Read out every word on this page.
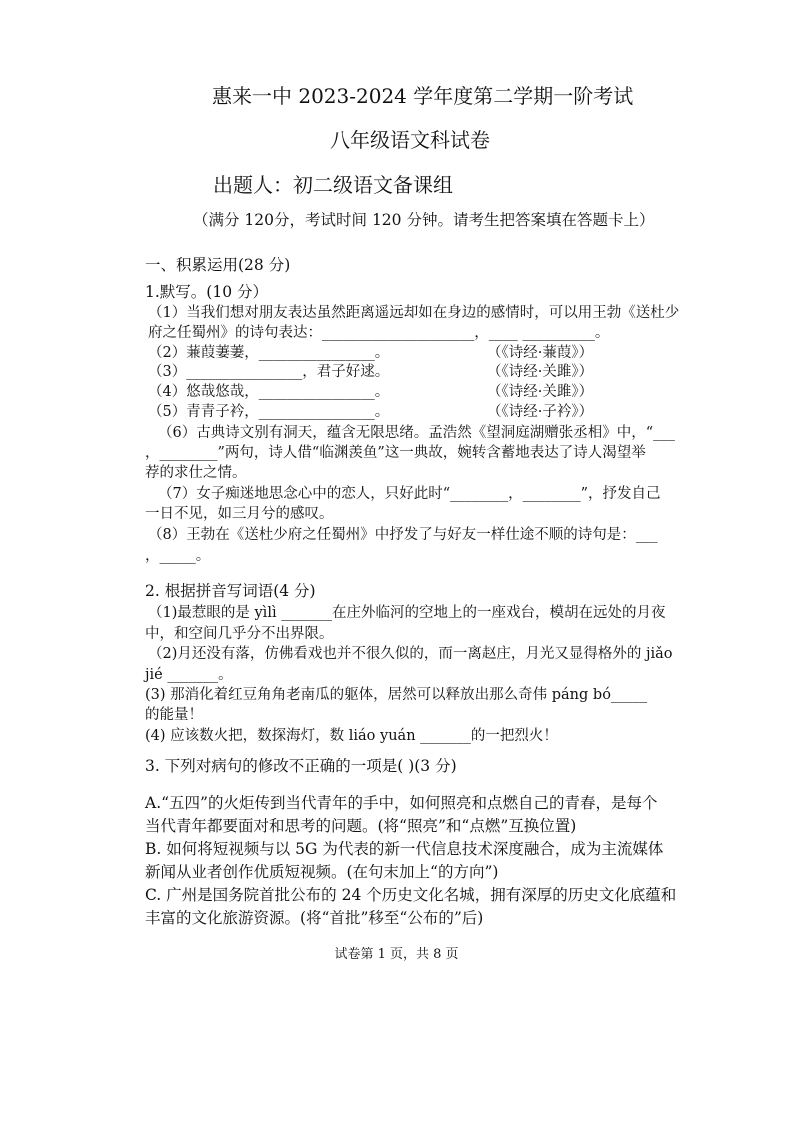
惠来一中 2023-2024 学年度第二学期一阶考试
八年级语文科试卷
出题人：初二级语文备课组
（满分 120分，考试时间 120 分钟。请考生把答案填在答题卡上）
一、积累运用(28 分)
1.默写。(10 分）
（1）当我们想对朋友表达虽然距离遥远却如在身边的感情时，可以用王勃《送杜少
府之任蜀州》的诗句表达：_____________________，____ __________。
（2）蒹葭萋萋，________________。	（《诗经·蒹葭》）
（3）________________，君子好逑。	（《诗经·关雎》）
（4）悠哉悠哉，________________。	（《诗经·关雎》）
（5）青青子衿，________________。	（《诗经·子衿》）
（6）古典诗文别有洞天，蕴含无限思绪。孟浩然《望洞庭湖赠张丞相》中，“___
，________”两句，诗人借“临渊羡鱼”这一典故，婉转含蓄地表达了诗人渴望举
荐的求仕之情。
（7）女子痴迷地思念心中的恋人，只好此时“________，________”，抒发自己
一日不见，如三月兮的感叹。
（8）王勃在《送杜少府之任蜀州》中抒发了与好友一样仕途不顺的诗句是：___
，_____。
2. 根据拼音写词语(4 分)
（1)最惹眼的是 yìlì _______在庄外临河的空地上的一座戏台，模胡在远处的月夜
中，和空间几乎分不出界限。
（2)月还没有落，仿佛看戏也并不很久似的，而一离赵庄，月光又显得格外的 jiǎo
jié _______。
(3) 那消化着红豆角角老南瓜的躯体，居然可以释放出那么奇伟 páng bó_____
的能量！
(4) 应该数火把，数探海灯，数 liáo yuán _______的一把烈火！
3. 下列对病句的修改不正确的一项是( )(3 分)
A.“五四”的火炬传到当代青年的手中，如何照亮和点燃自己的青春，是每个
当代青年都要面对和思考的问题。(将“照亮”和“点燃”互换位置)
B. 如何将短视频与以 5G 为代表的新一代信息技术深度融合，成为主流媒体
新闻从业者创作优质短视频。(在句末加上“的方向”)
C. 广州是国务院首批公布的 24 个历史文化名城，拥有深厚的历史文化底蕴和
丰富的文化旅游资源。(将“首批”移至“公布的”后)
试卷第 1 页，共 8 页
